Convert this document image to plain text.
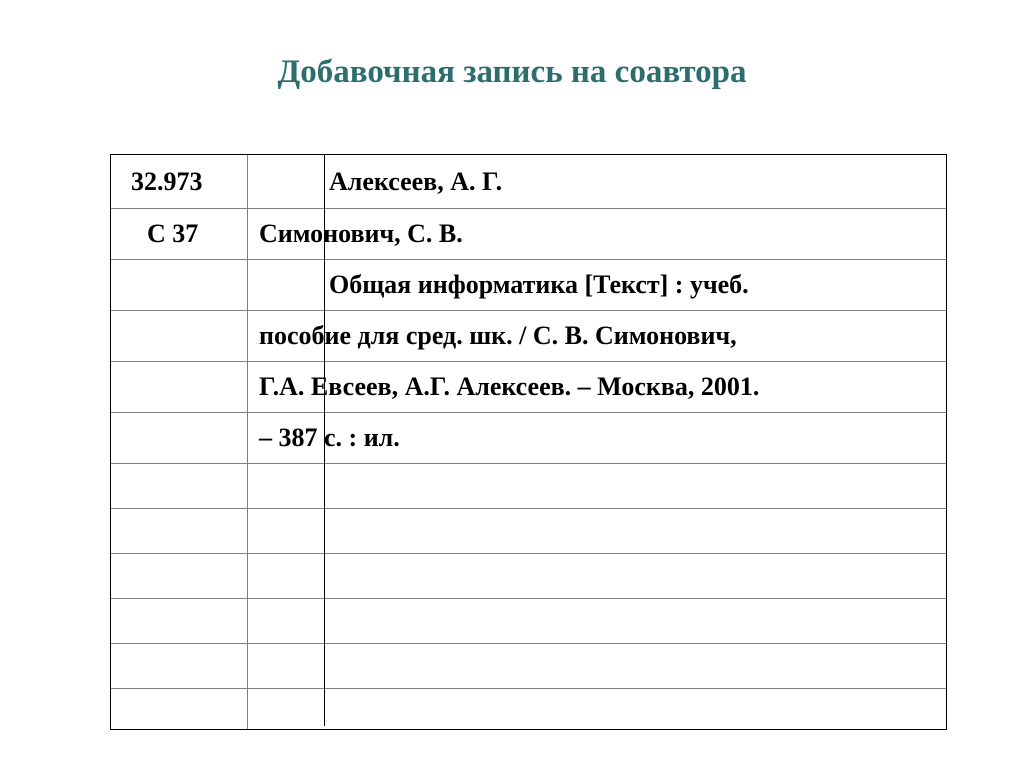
Добавочная запись на соавтора
32.973	Алексеев, А. Г.
С 37 Симонович, С. В.
Общая информатика [Текст] : учеб.
пособие для сред. шк. / С. В. Симонович,
Г.А. Евсеев, А.Г. Алексеев. – Москва, 2001.
– 387 с. : ил.
